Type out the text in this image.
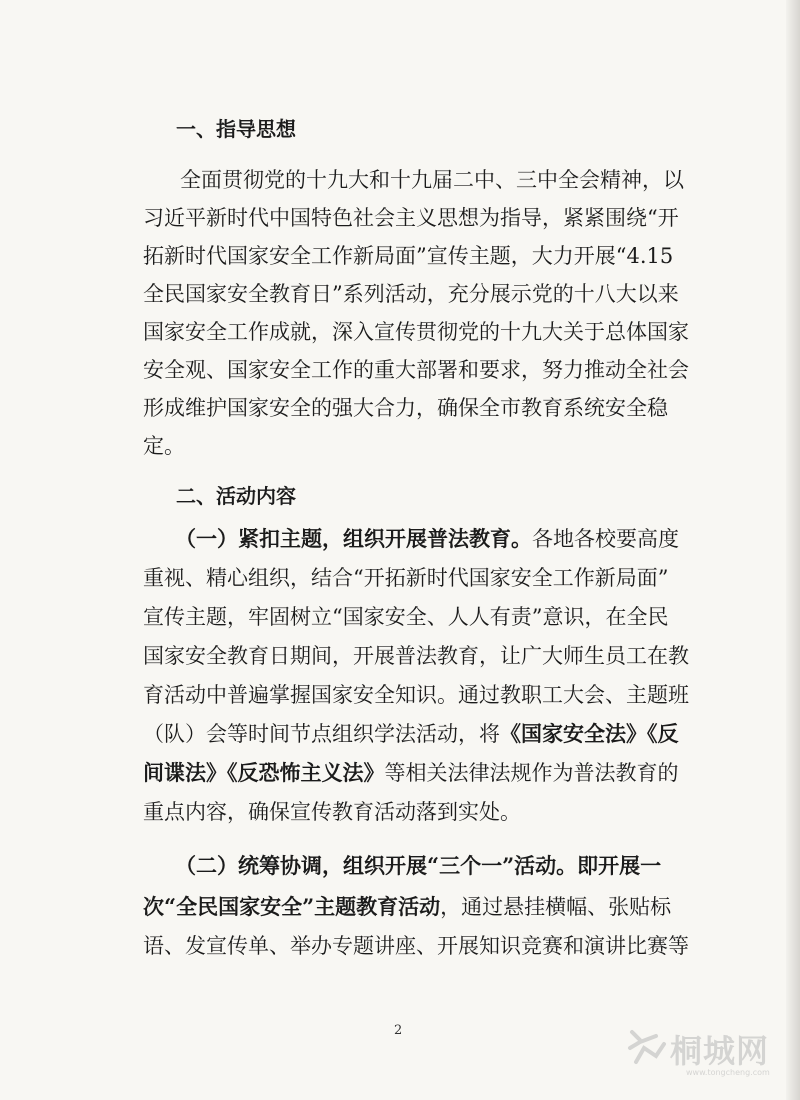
一、指导思想
全面贯彻党的十九大和十九届二中、三中全会精神，以
习近平新时代中国特色社会主义思想为指导，紧紧围绕“开
拓新时代国家安全工作新局面”宣传主题，大力开展“4.15
全民国家安全教育日”系列活动，充分展示党的十八大以来
国家安全工作成就，深入宣传贯彻党的十九大关于总体国家
安全观、国家安全工作的重大部署和要求，努力推动全社会
形成维护国家安全的强大合力，确保全市教育系统安全稳
定。
二、活动内容
（一）紧扣主题，组织开展普法教育。各地各校要高度
重视、精心组织，结合“开拓新时代国家安全工作新局面”
宣传主题，牢固树立“国家安全、人人有责”意识，在全民
国家安全教育日期间，开展普法教育，让广大师生员工在教
育活动中普遍掌握国家安全知识。通过教职工大会、主题班
（队）会等时间节点组织学法活动，将《国家安全法》《反
间谍法》《反恐怖主义法》等相关法律法规作为普法教育的
重点内容，确保宣传教育活动落到实处。
（二）统筹协调，组织开展“三个一”活动。即开展一
次“全民国家安全”主题教育活动，通过悬挂横幅、张贴标
语、发宣传单、举办专题讲座、开展知识竞赛和演讲比赛等
2
桐城网
www.tongcheng.com
